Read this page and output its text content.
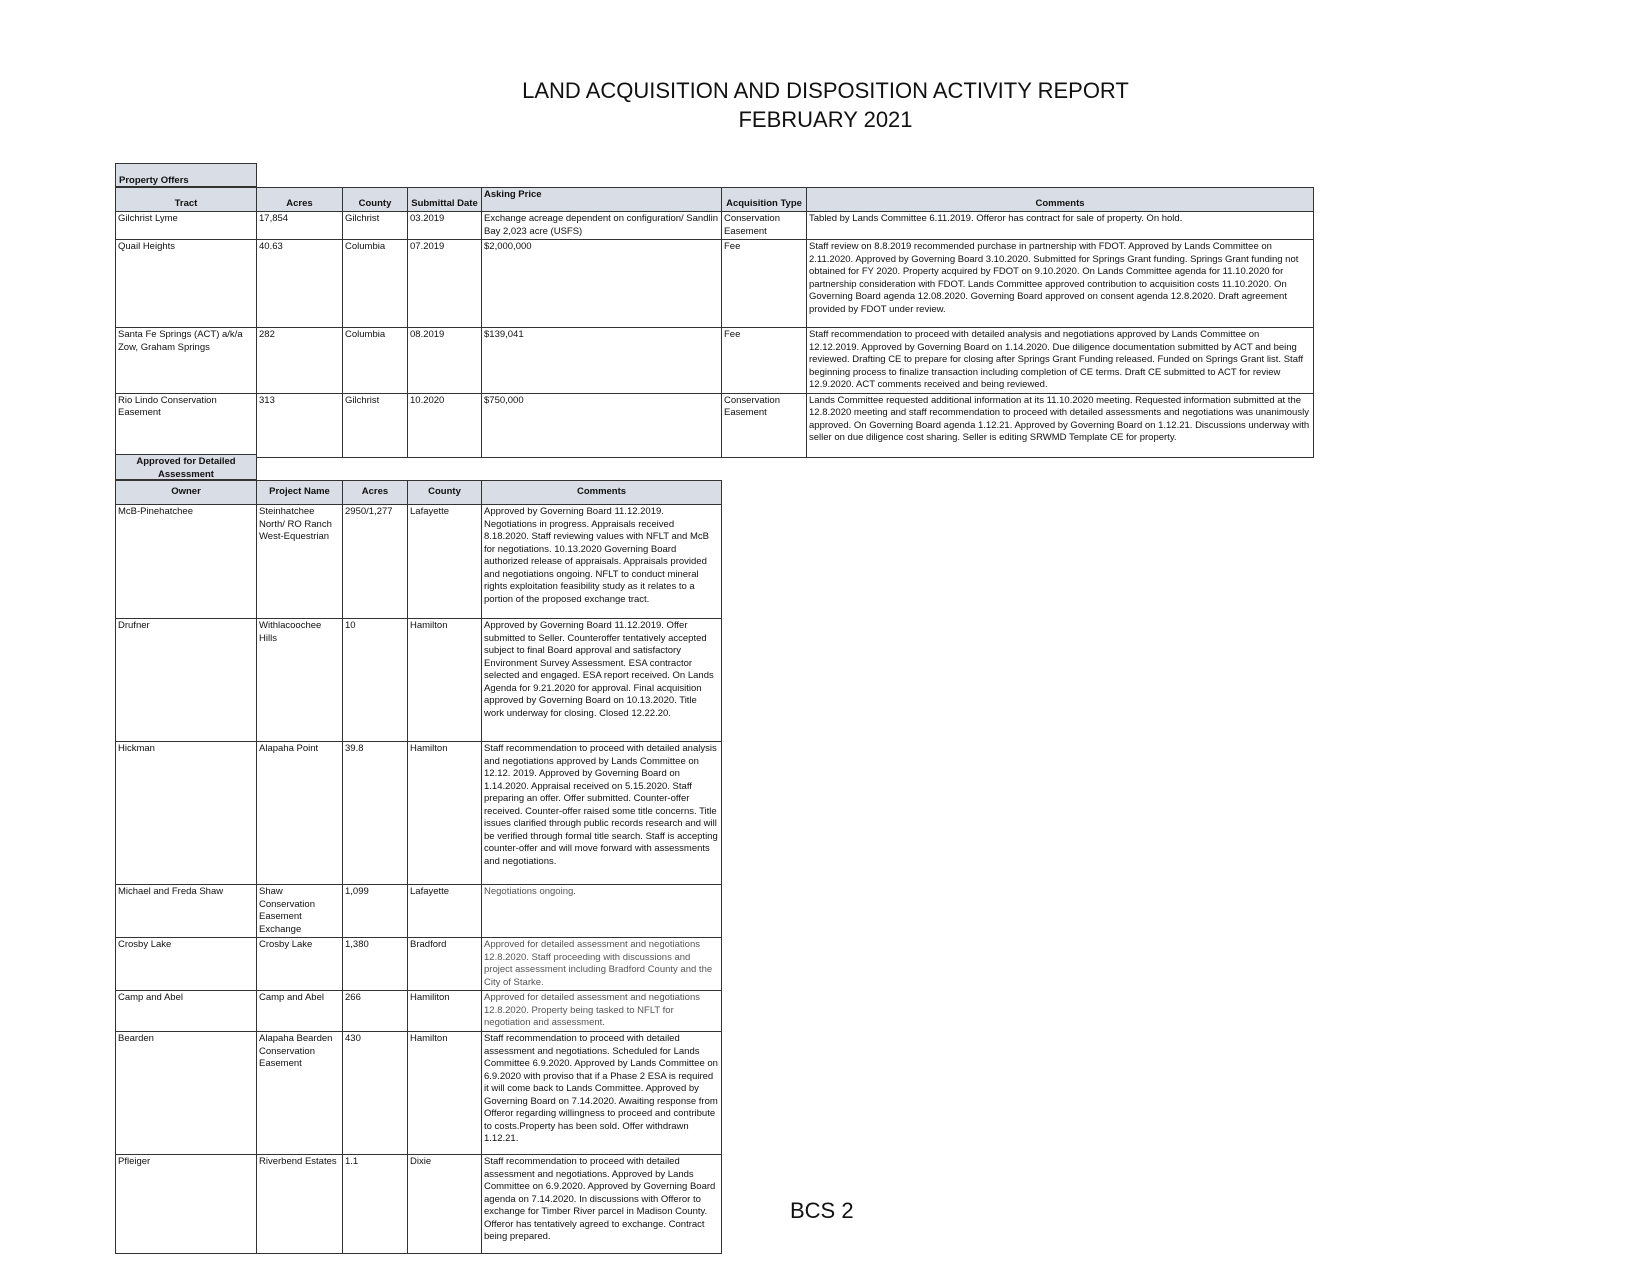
LAND ACQUISITION AND DISPOSITION ACTIVITY REPORT
FEBRUARY 2021
Property Offers
Tract	Acres	County	Submittal Date	Asking Price	Acquisition Type	Comments
Gilchrist Lyme	17,854	Gilchrist	03.2019	Exchange acreage dependent on configuration/ Sandlin Bay 2,023 acre (USFS)	Conservation Easement	Tabled by Lands Committee 6.11.2019. Offeror has contract for sale of property. On hold.
Quail Heights	40.63	Columbia	07.2019	$2,000,000	Fee	Staff review on 8.8.2019 recommended purchase in partnership with FDOT. Approved by Lands Committee on 2.11.2020. Approved by Governing Board 3.10.2020. Submitted for Springs Grant funding. Springs Grant funding not obtained for FY 2020. Property acquired by FDOT on 9.10.2020. On Lands Committee agenda for 11.10.2020 for partnership consideration with FDOT. Lands Committee approved contribution to acquisition costs 11.10.2020. On Governing Board agenda 12.08.2020. Governing Board approved on consent agenda 12.8.2020. Draft agreement provided by FDOT under review.
Santa Fe Springs (ACT) a/k/a Zow, Graham Springs	282	Columbia	08.2019	$139,041	Fee	Staff recommendation to proceed with detailed analysis and negotiations approved by Lands Committee on 12.12.2019. Approved by Governing Board on 1.14.2020. Due diligence documentation submitted by ACT and being reviewed. Drafting CE to prepare for closing after Springs Grant Funding released. Funded on Springs Grant list. Staff beginning process to finalize transaction including completion of CE terms. Draft CE submitted to ACT for review 12.9.2020. ACT comments received and being reviewed.
Rio Lindo Conservation Easement	313	Gilchrist	10.2020	$750,000	Conservation Easement	Lands Committee requested additional information at its 11.10.2020 meeting. Requested information submitted at the 12.8.2020 meeting and staff recommendation to proceed with detailed assessments and negotiations was unanimously approved. On Governing Board agenda 1.12.21. Approved by Governing Board on 1.12.21. Discussions underway with seller on due diligence cost sharing. Seller is editing SRWMD Template CE for property.
Approved for Detailed Assessment
Owner	Project Name	Acres	County	Comments
McB-Pinehatchee	Steinhatchee North/ RO Ranch West-Equestrian	2950/1,277	Lafayette	Approved by Governing Board 11.12.2019. Negotiations in progress. Appraisals received 8.18.2020. Staff reviewing values with NFLT and McB for negotiations. 10.13.2020 Governing Board authorized release of appraisals. Appraisals provided and negotiations ongoing. NFLT to conduct mineral rights exploitation feasibility study as it relates to a portion of the proposed exchange tract.
Drufner	Withlacoochee Hills	10	Hamilton	Approved by Governing Board 11.12.2019. Offer submitted to Seller. Counteroffer tentatively accepted subject to final Board approval and satisfactory Environment Survey Assessment. ESA contractor selected and engaged. ESA report received. On Lands Agenda for 9.21.2020 for approval. Final acquisition approved by Governing Board on 10.13.2020. Title work underway for closing. Closed 12.22.20.
Hickman	Alapaha Point	39.8	Hamilton	Staff recommendation to proceed with detailed analysis and negotiations approved by Lands Committee on 12.12. 2019. Approved by Governing Board on 1.14.2020. Appraisal received on 5.15.2020. Staff preparing an offer. Offer submitted. Counter-offer received. Counter-offer raised some title concerns. Title issues clarified through public records research and will be verified through formal title search. Staff is accepting counter-offer and will move forward with assessments and negotiations.
Michael and Freda Shaw	Shaw Conservation Easement Exchange	1,099	Lafayette	Negotiations ongoing.
Crosby Lake	Crosby Lake	1,380	Bradford	Approved for detailed assessment and negotiations 12.8.2020. Staff proceeding with discussions and project assessment including Bradford County and the City of Starke.
Camp and Abel	Camp and Abel	266	Hamiliton	Approved for detailed assessment and negotiations 12.8.2020. Property being tasked to NFLT for negotiation and assessment.
Bearden	Alapaha Bearden Conservation Easement	430	Hamilton	Staff recommendation to proceed with detailed assessment and negotiations. Scheduled for Lands Committee 6.9.2020. Approved by Lands Committee on 6.9.2020 with proviso that if a Phase 2 ESA is required it will come back to Lands Committee. Approved by Governing Board on 7.14.2020. Awaiting response from Offeror regarding willingness to proceed and contribute to costs.Property has been sold. Offer withdrawn 1.12.21.
Pfleiger	Riverbend Estates	1.1	Dixie	Staff recommendation to proceed with detailed assessment and negotiations. Approved by Lands Committee on 6.9.2020. Approved by Governing Board agenda on 7.14.2020. In discussions with Offeror to exchange for Timber River parcel in Madison County. Offeror has tentatively agreed to exchange. Contract being prepared.
BCS 2
